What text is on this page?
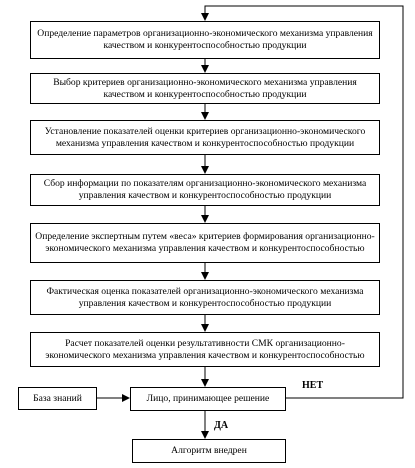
Определение параметров организационно-экономического механизма управления качеством и конкурентоспособностью продукции
Выбор критериев организационно-экономического механизма управления качеством и конкурентоспособностью продукции
Установление показателей оценки критериев организационно-экономического механизма управления качеством и конкурентоспособностью продукции
Сбор информации по показателям организационно-экономического механизма управления качеством и конкурентоспособностью продукции
Определение экспертным путем «веса» критериев формирования организационно-экономического механизма управления качеством и конкурентоспособностью
Фактическая оценка показателей организационно-экономического механизма управления качеством и конкурентоспособностью продукции
Расчет показателей оценки результативности СМК организационно-экономического механизма управления качеством и конкурентоспособностью
База знаний	Лицо, принимающее решение
Алгоритм внедрен
НЕТ
ДА
